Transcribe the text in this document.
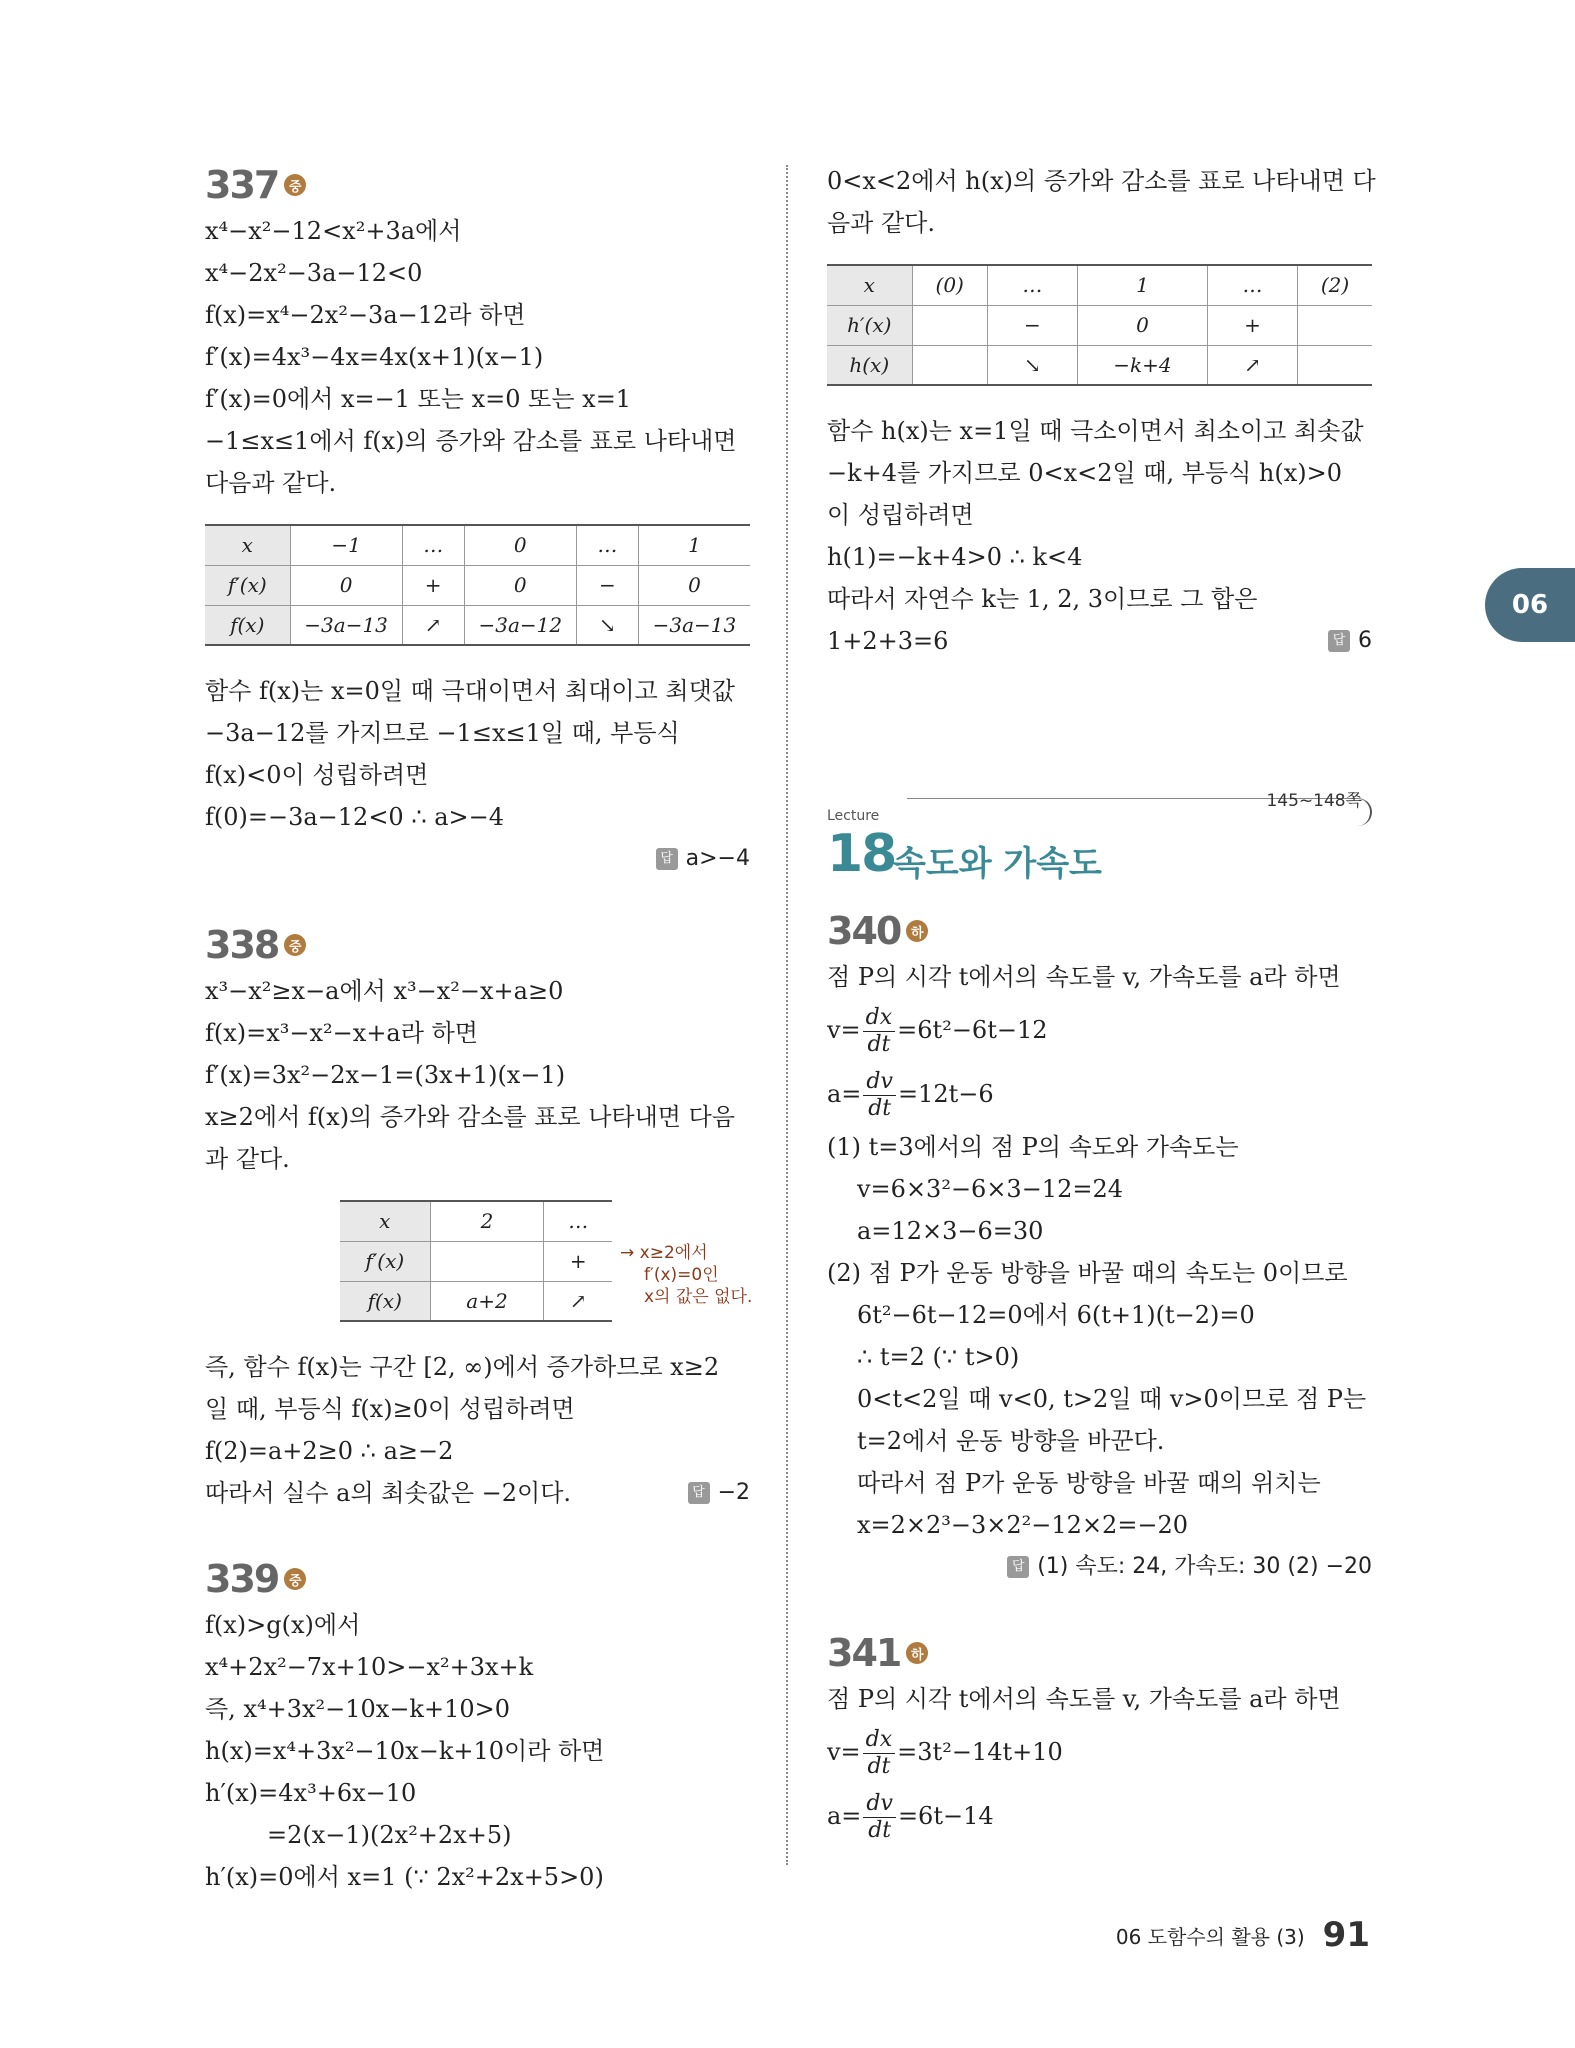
06
337 중
x⁴−x²−12<x²+3a에서
x⁴−2x²−3a−12<0
f(x)=x⁴−2x²−3a−12라 하면
f′(x)=4x³−4x=4x(x+1)(x−1)
f′(x)=0에서 x=−1 또는 x=0 또는 x=1
−1≤x≤1에서 f(x)의 증가와 감소를 표로 나타내면
다음과 같다.
x	−1	…	0	…	1
f′(x)	0	+	0	−	0
f(x)	−3a−13	↗	−3a−12	↘	−3a−13
함수 f(x)는 x=0일 때 극대이면서 최대이고 최댓값
−3a−12를 가지므로 −1≤x≤1일 때, 부등식
f(x)<0이 성립하려면
f(0)=−3a−12<0 ∴ a>−4
답 a>−4
338 중
x³−x²≥x−a에서 x³−x²−x+a≥0
f(x)=x³−x²−x+a라 하면
f′(x)=3x²−2x−1=(3x+1)(x−1)
x≥2에서 f(x)의 증가와 감소를 표로 나타내면 다음
과 같다.
x	2	…
f′(x)		+
f(x)	a+2	↗
→ x≥2에서
f′(x)=0인
x의 값은 없다.
즉, 함수 f(x)는 구간 [2, ∞)에서 증가하므로 x≥2
일 때, 부등식 f(x)≥0이 성립하려면
f(2)=a+2≥0 ∴ a≥−2
따라서 실수 a의 최솟값은 −2이다.	답 −2
339 중
f(x)>g(x)에서
x⁴+2x²−7x+10>−x²+3x+k
즉, x⁴+3x²−10x−k+10>0
h(x)=x⁴+3x²−10x−k+10이라 하면
h′(x)=4x³+6x−10
=2(x−1)(2x²+2x+5)
h′(x)=0에서 x=1 (∵ 2x²+2x+5>0)
0<x<2에서 h(x)의 증가와 감소를 표로 나타내면 다
음과 같다.
x	(0)	…	1	…	(2)
h′(x)		−	0	+	
h(x)		↘	−k+4	↗	
함수 h(x)는 x=1일 때 극소이면서 최소이고 최솟값
−k+4를 가지므로 0<x<2일 때, 부등식 h(x)>0
이 성립하려면
h(1)=−k+4>0 ∴ k<4
따라서 자연수 k는 1, 2, 3이므로 그 합은
1+2+3=6	답 6
145~148쪽
Lecture
18
속도와 가속도
340 하
점 P의 시각 t에서의 속도를 v, 가속도를 a라 하면
$v= \frac{dx}{dt} =6t^2-6t-12$
$a= \frac{dv}{dt} =12t-6$
(1) t=3에서의 점 P의 속도와 가속도는
v=6×3²−6×3−12=24
a=12×3−6=30
(2) 점 P가 운동 방향을 바꿀 때의 속도는 0이므로
6t²−6t−12=0에서 6(t+1)(t−2)=0
∴ t=2 (∵ t>0)
0<t<2일 때 v<0, t>2일 때 v>0이므로 점 P는
t=2에서 운동 방향을 바꾼다.
따라서 점 P가 운동 방향을 바꿀 때의 위치는
x=2×2³−3×2²−12×2=−20
답 (1) 속도: 24, 가속도: 30 (2) −20
341 하
점 P의 시각 t에서의 속도를 v, 가속도를 a라 하면
$v= \frac{dx}{dt} =3t^2-14t+10$
$a= \frac{dv}{dt} =6t-14$
06 도함수의 활용 (3) 91
